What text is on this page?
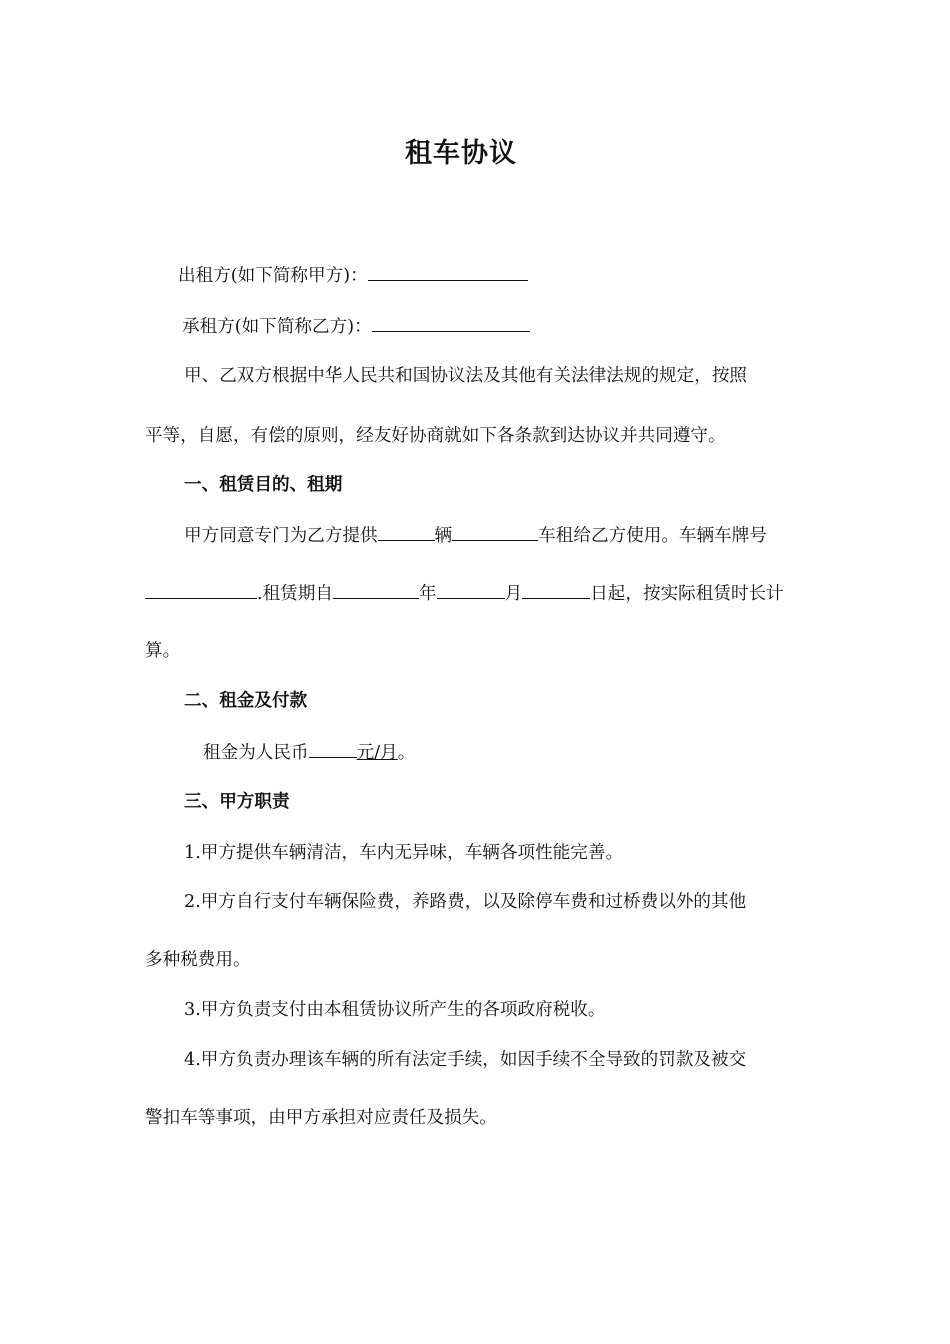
租车协议
出租方(如下简称甲方)：
承租方(如下简称乙方)：
甲、乙双方根据中华人民共和国协议法及其他有关法律法规的规定，按照
平等，自愿，有偿的原则，经友好协商就如下各条款到达协议并共同遵守。
一、租赁目的、租期
甲方同意专门为乙方提供	辆	车租给乙方使用。车辆车牌号
.租赁期自	年	月	日起，按实际租赁时长计
算。
二、租金及付款
租金为人民币	元/月。
三、甲方职责
1.甲方提供车辆清洁，车内无异味，车辆各项性能完善。
2.甲方自行支付车辆保险费，养路费，以及除停车费和过桥费以外的其他
多种税费用。
3.甲方负责支付由本租赁协议所产生的各项政府税收。
4.甲方负责办理该车辆的所有法定手续，如因手续不全导致的罚款及被交
警扣车等事项，由甲方承担对应责任及损失。
